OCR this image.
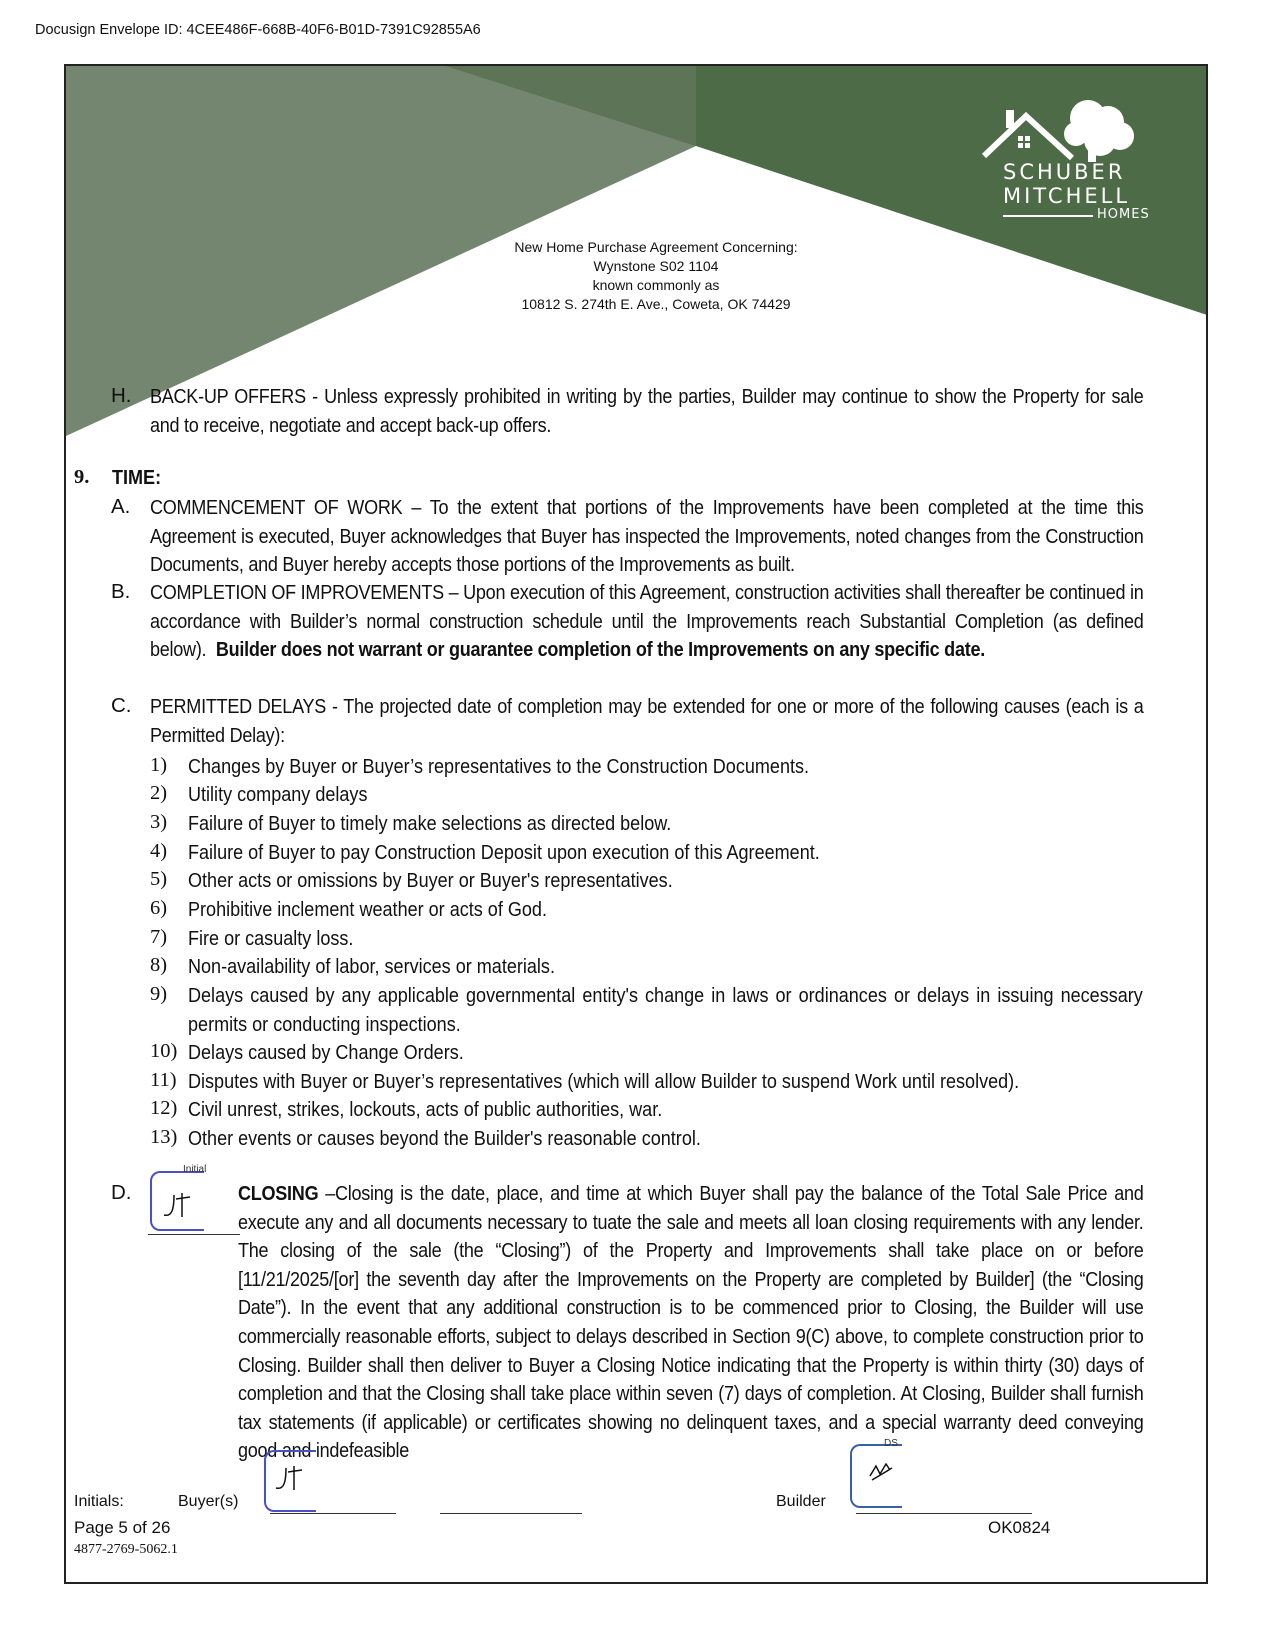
Docusign Envelope ID: 4CEE486F-668B-40F6-B01D-7391C92855A6
New Home Purchase Agreement Concerning:
Wynstone S02 1104
known commonly as
10812 S. 274th E. Ave., Coweta, OK 74429
SCHUBER
MITCHELL
HOMES
H. BACK-UP OFFERS - Unless expressly prohibited in writing by the parties, Builder may continue to show the Property for sale and to receive, negotiate and accept back-up offers.
9. TIME:
A. COMMENCEMENT OF WORK – To the extent that portions of the Improvements have been completed at the time this Agreement is executed, Buyer acknowledges that Buyer has inspected the Improvements, noted changes from the Construction Documents, and Buyer hereby accepts those portions of the Improvements as built.
B. COMPLETION OF IMPROVEMENTS – Upon execution of this Agreement, construction activities shall thereafter be continued in accordance with Builder’s normal construction schedule until the Improvements reach Substantial Completion (as defined below). Builder does not warrant or guarantee completion of the Improvements on any specific date.
C. PERMITTED DELAYS - The projected date of completion may be extended for one or more of the following causes (each is a Permitted Delay):
1) Changes by Buyer or Buyer’s representatives to the Construction Documents.
2) Utility company delays
3) Failure of Buyer to timely make selections as directed below.
4) Failure of Buyer to pay Construction Deposit upon execution of this Agreement.
5) Other acts or omissions by Buyer or Buyer's representatives.
6) Prohibitive inclement weather or acts of God.
7) Fire or casualty loss.
8) Non-availability of labor, services or materials.
9) Delays caused by any applicable governmental entity's change in laws or ordinances or delays in issuing necessary permits or conducting inspections.
10) Delays caused by Change Orders.
11) Disputes with Buyer or Buyer’s representatives (which will allow Builder to suspend Work until resolved).
12) Civil unrest, strikes, lockouts, acts of public authorities, war.
13) Other events or causes beyond the Builder's reasonable control.
D.
Initial
CLOSING –Closing is the date, place, and time at which Buyer shall pay the balance of the Total Sale Price and execute any and all documents necessary to tuate the sale and meets all loan closing requirements with any lender. The closing of the sale (the “Closing”) of the Property and Improvements shall take place on or before [11/21/2025/[or] the seventh day after the Improvements on the Property are completed by Builder] (the “Closing Date”). In the event that any additional construction is to be commenced prior to Closing, the Builder will use commercially reasonable efforts, subject to delays described in Section 9(C) above, to complete construction prior to Closing. Builder shall then deliver to Buyer a Closing Notice indicating that the Property is within thirty (30) days of completion and that the Closing shall take place within seven (7) days of completion. At Closing, Builder shall furnish tax statements (if applicable) or certificates showing no delinquent taxes, and a special warranty deed conveying good and indefeasible
Initials:	Buyer(s)	Builder
DS
Page 5 of 26	OK0824
4877-2769-5062.1
